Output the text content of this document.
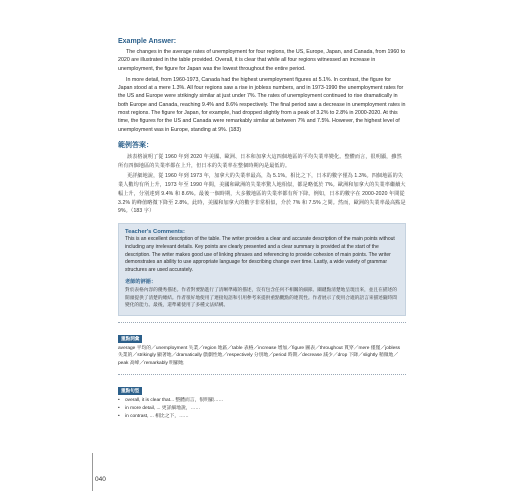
Example Answer:

The changes in the average rates of unemployment for four regions, the US, Europe, Japan, and Canada, from 1960 to 2020 are illustrated in the table provided. Overall, it is clear that while all four regions witnessed an increase in unemployment, the figure for Japan was the lowest throughout the entire period.

In more detail, from 1960-1973, Canada had the highest unemployment figures at 5.1%. In contrast, the figure for Japan stood at a mere 1.3%. All four regions saw a rise in jobless numbers, and in 1973-1990 the unemployment rates for the US and Europe were strikingly similar at just under 7%. The rates of unemployment continued to rise dramatically in both Europe and Canada, reaching 9.4% and 8.6% respectively. The final period saw a decrease in unemployment rates in most regions. The figure for Japan, for example, had dropped slightly from a peak of 3.2% to 2.8% in 2000-2020. At this time, the figures for the US and Canada were remarkably similar at between 7% and 7.5%. However, the highest level of unemployment was in Europe, standing at 9%. (183)

範例答案：

該表格說明了從 1960 年到 2020 年美國、歐洲、日本和加拿大這四個地區的平均失業率變化。整體而言，很明顯，雖然所有四個地區的失業率都在上升，但日本的失業率在整個時期內是最低的。

更詳細地說，從 1960 年到 1973 年，加拿大的失業率最高，為 5.1%。相比之下，日本的數字僅為 1.3%。四個地區的失業人數均有所上升，1973 年至 1990 年間，美國和歐洲的失業率驚人地相似，都是略低於 7%。歐洲和加拿大的失業率繼續大幅上升，分別達到 9.4% 和 8.6%。最後一個時期，大多數地區的失業率都有所下降。例如，日本的數字在 2000-2020 年間從 3.2% 的峰值略微下降至 2.8%。此時，美國和加拿大的數字非常相似，介於 7% 和 7.5% 之間。然而，歐洲的失業率最高點是 9%。（183 字）

Teacher's Comments:
This is an excellent description of the table. The writer provides a clear and accurate description of the main points without including any irrelevant details. Key points are clearly presented and a clear summary is provided at the start of the description. The writer makes good use of linking phrases and referencing to provide cohesion of main points. The writer demonstrates an ability to use appropriate language for describing change over time. Lastly, a wide variety of grammar structures are used accurately.
老師的評語：
對於表格內容的優秀描述。作者對要點進行了清晰準確的描述，沒有包含任何不相關的細節。關鍵點清楚地呈現出來，並且在描述的開頭提供了清楚的總結。作者很好地使用了連接短語和引用參考來提供重點觀點的連貫性。作者展示了使用合適的語言來描述隨時間變化的能力。最後，還準確使用了多種文法結構。
重點詞彙
average 平均的／unemployment 失業／region 地區／table 表格／increase 增加／figure 圖表／throughout 貫穿／mere 僅僅／jobless 失業的／strikingly 顯著地／dramatically 戲劇性地／respectively 分別地／period 時期／decrease 減少／drop 下降／slightly 稍微地／peak 高峰／remarkably 明顯地
重點句型
• overall, it is clear that... 整體而言，很明顯……
• in more detail, ... 更詳細地說，……
• in contrast, ... 相比之下，……
040
